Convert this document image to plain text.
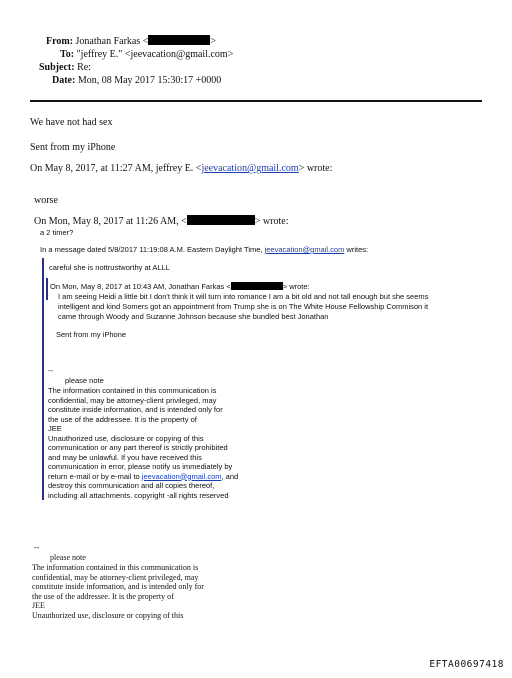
From: Jonathan Farkas <	>
To: "jeffrey E." <jeevacation@gmail.com>
Subject: Re:
Date: Mon, 08 May 2017 15:30:17 +0000
We have not had sex
Sent from my iPhone
On May 8, 2017, at 11:27 AM, jeffrey E. <jeevacation@gmail.com> wrote:
worse
On Mon, May 8, 2017 at 11:26 AM, <	> wrote:
a 2 timer?
In a message dated 5/8/2017 11:19:08 A.M. Eastern Daylight Time, jeevacation@gmail.com writes:
careful she is nottrustworthy at ALLL
On Mon, May 8, 2017 at 10:43 AM, Jonathan Farkas <	> wrote:
I am seeing Heidi a little bit I don't think it will turn into romance I am a bit old and not tall enough but she seems
intelligent and kind Somers got an appointment from Trump she is on The White House Fellowship Commison it
came through Woody and Suzanne Johnson because she bundled best Jonathan
Sent from my iPhone
--
please note
The information contained in this communication is
confidential, may be attorney-client privileged, may
constitute inside information, and is intended only for
the use of the addressee. It is the property of
JEE
Unauthorized use, disclosure or copying of this
communication or any part thereof is strictly prohibited
and may be unlawful. If you have received this
communication in error, please notify us immediately by
return e-mail or by e-mail to jeevacation@gmail.com, and
destroy this communication and all copies thereof,
including all attachments. copyright -all rights reserved
--
please note
The information contained in this communication is
confidential, may be attorney-client privileged, may
constitute inside information, and is intended only for
the use of the addressee. It is the property of
JEE
Unauthorized use, disclosure or copying of this
EFTA00697418
